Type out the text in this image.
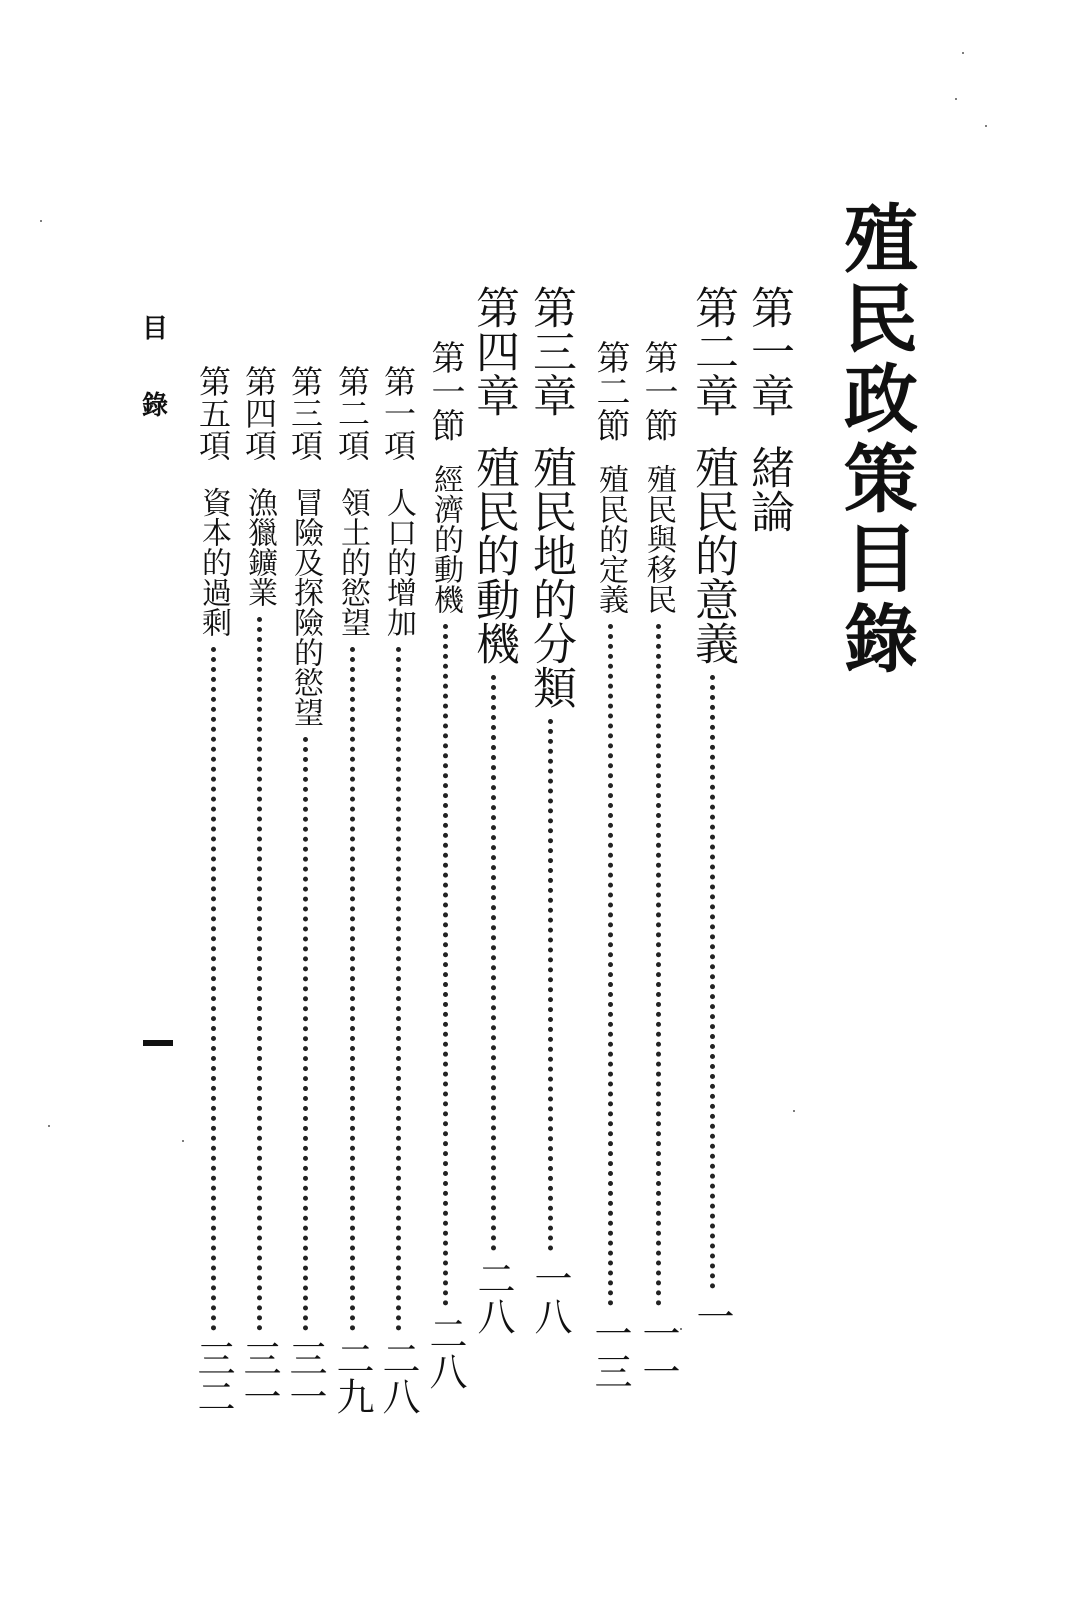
殖民政策目錄
第一章
緒論
第二章
殖民的意義
一
第一節
殖民與移民
一一
第二節
殖民的定義
一三
第三章
殖民地的分類
一八
第四章
殖民的動機
二八
第一節
經濟的動機
二八
第一項
人口的增加
二八
第二項
領土的慾望
二九
第三項
冒險及探險的慾望
三一
第四項
漁獵鑛業
三一
第五項
資本的過剩
三二
目
錄
